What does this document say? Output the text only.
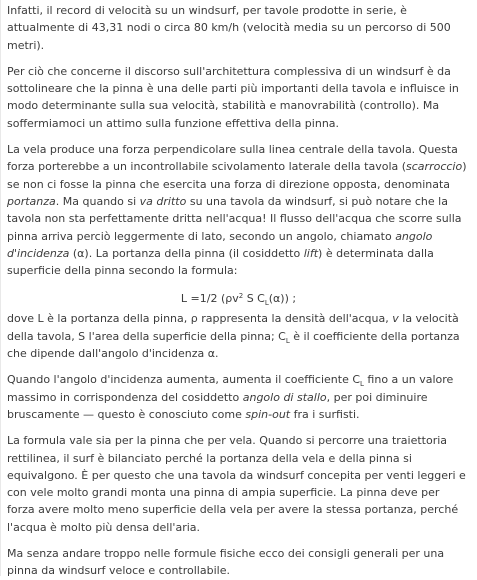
Infatti, il record di velocità su un windsurf, per tavole prodotte in serie, è attualmente di 43,31 nodi o circa 80 km/h (velocità media su un percorso di 500 metri).

Per ciò che concerne il discorso sull'architettura complessiva di un windsurf è da sottolineare che la pinna è una delle parti più importanti della tavola e influisce in modo determinante sulla sua velocità, stabilità e manovrabilità (controllo). Ma soffermiamoci un attimo sulla funzione effettiva della pinna.

La vela produce una forza perpendicolare sulla linea centrale della tavola. Questa forza porterebbe a un incontrollabile scivolamento laterale della tavola (scarroccio) se non ci fosse la pinna che esercita una forza di direzione opposta, denominata portanza. Ma quando si va dritto su una tavola da windsurf, si può notare che la tavola non sta perfettamente dritta nell'acqua! Il flusso dell'acqua che scorre sulla pinna arriva perciò leggermente di lato, secondo un angolo, chiamato angolo d'incidenza (α). La portanza della pinna (il cosiddetto lift) è determinata dalla superficie della pinna secondo la formula:

L =1/2 ($\rho v^2$ S $C_L(\alpha)$) ;

dove L è la portanza della pinna, ρ rappresenta la densità dell'acqua, v la velocità della tavola, S l'area della superficie della pinna; $C_L$ è il coefficiente della portanza che dipende dall'angolo d'incidenza α.

Quando l'angolo d'incidenza aumenta, aumenta il coefficiente $C_L$ fino a un valore massimo in corrispondenza del cosiddetto angolo di stallo, per poi diminuire bruscamente — questo è conosciuto come spin-out fra i surfisti.

La formula vale sia per la pinna che per vela. Quando si percorre una traiettoria rettilinea, il surf è bilanciato perché la portanza della vela e della pinna si equivalgono. È per questo che una tavola da windsurf concepita per venti leggeri e con vele molto grandi monta una pinna di ampia superficie. La pinna deve per forza avere molto meno superficie della vela per avere la stessa portanza, perché l'acqua è molto più densa dell'aria.

Ma senza andare troppo nelle formule fisiche ecco dei consigli generali per una pinna da windsurf veloce e controllabile.
